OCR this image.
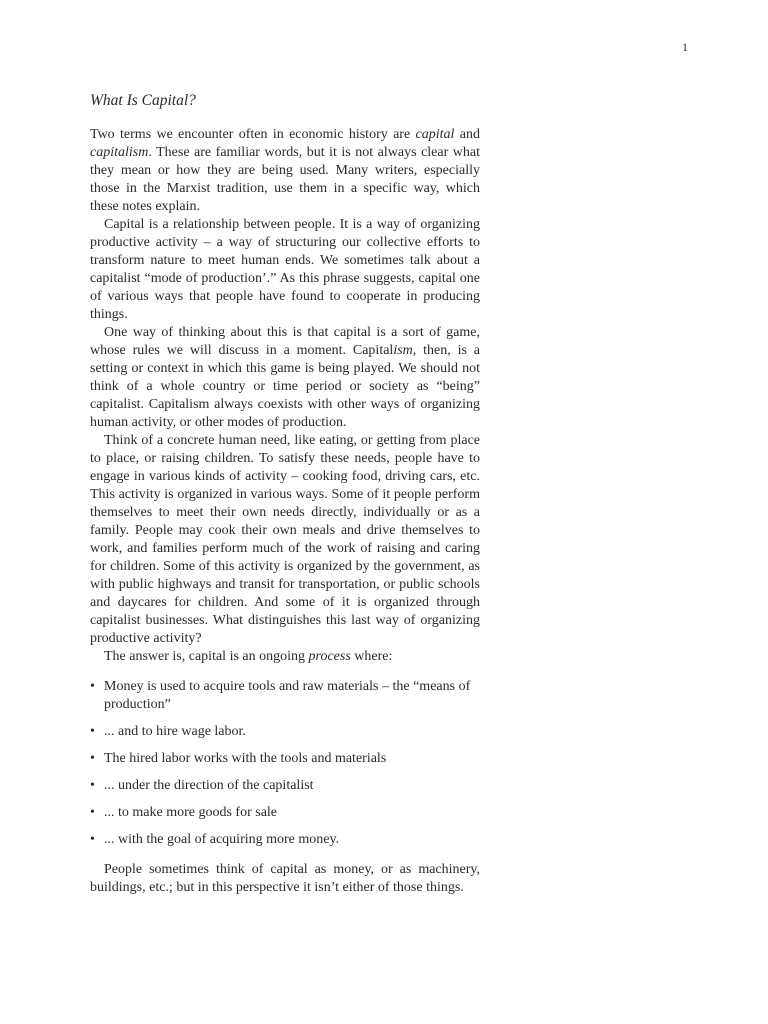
1
What Is Capital?

Two terms we encounter often in economic history are capital and capitalism. These are familiar words, but it is not always clear what they mean or how they are being used. Many writers, especially those in the Marxist tradition, use them in a specific way, which these notes explain.

Capital is a relationship between people. It is a way of organizing productive activity – a way of structuring our collective efforts to transform nature to meet human ends. We sometimes talk about a capitalist “mode of production’.” As this phrase suggests, capital one of various ways that people have found to cooperate in producing things.

One way of thinking about this is that capital is a sort of game, whose rules we will discuss in a moment. Capitalism, then, is a setting or context in which this game is being played. We should not think of a whole country or time period or society as “being” capitalist. Capitalism always coexists with other ways of organizing human activity, or other modes of production.

Think of a concrete human need, like eating, or getting from place to place, or raising children. To satisfy these needs, people have to engage in various kinds of activity – cooking food, driving cars, etc. This activity is organized in various ways. Some of it people perform themselves to meet their own needs directly, individually or as a family. People may cook their own meals and drive themselves to work, and families perform much of the work of raising and caring for children. Some of this activity is organized by the government, as with public highways and transit for transportation, or public schools and daycares for children. And some of it is organized through capitalist businesses. What distinguishes this last way of organizing productive activity?

The answer is, capital is an ongoing process where:

• Money is used to acquire tools and raw materials – the “means of production”
• ... and to hire wage labor.
• The hired labor works with the tools and materials
• ... under the direction of the capitalist
• ... to make more goods for sale
• ... with the goal of acquiring more money.

People sometimes think of capital as money, or as machinery, buildings, etc.; but in this perspective it isn’t either of those things.
